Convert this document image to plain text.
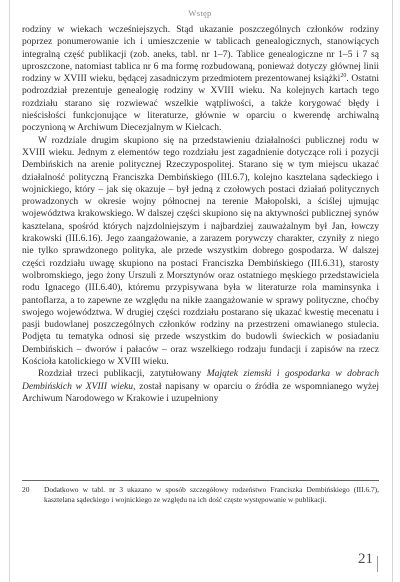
Wstęp

rodziny w wiekach wcześniejszych. Stąd ukazanie poszczególnych członków rodziny poprzez ponumerowanie ich i umieszczenie w tablicach genealogicznych, stanowiących integralną część publikacji (zob. aneks, tabl. nr 1–7). Tablice genealogiczne nr 1–5 i 7 są uproszczone, natomiast tablica nr 6 ma formę rozbudowaną, ponieważ dotyczy głównej linii rodziny w XVIII wieku, będącej zasadniczym przedmiotem prezentowanej książki$^{20}$. Ostatni podrozdział prezentuje genealogię rodziny w XVIII wieku. Na kolejnych kartach tego rozdziału starano się rozwiewać wszelkie wątpliwości, a także korygować błędy i nieścisłości funkcjonujące w literaturze, głównie w oparciu o kwerendę archiwalną poczynioną w Archiwum Diecezjalnym w Kielcach.

W rozdziale drugim skupiono się na przedstawieniu działalności publicznej rodu w XVIII wieku. Jednym z elementów tego rozdziału jest zagadnienie dotyczące roli i pozycji Dembińskich na arenie politycznej Rzeczypospolitej. Starano się w tym miejscu ukazać działalność polityczną Franciszka Dembińskiego (III.6.7), kolejno kasztelana sądeckiego i wojnickiego, który – jak się okazuje – był jedną z czołowych postaci działań politycznych prowadzonych w okresie wojny północnej na terenie Małopolski, a ściślej ujmując województwa krakowskiego. W dalszej części skupiono się na aktywności publicznej synów kasztelana, spośród których najzdolniejszym i najbardziej zauważalnym był Jan, łowczy krakowski (III.6.16). Jego zaangażowanie, a zarazem porywczy charakter, czyniły z niego nie tylko sprawdzonego polityka, ale przede wszystkim dobrego gospodarza. W dalszej części rozdziału uwagę skupiono na postaci Franciszka Dembińskiego (III.6.31), starosty wolbromskiego, jego żony Urszuli z Morsztynów oraz ostatniego męskiego przedstawiciela rodu Ignacego (III.6.40), któremu przypisywana była w literaturze rola maminsynka i pantoflarza, a to zapewne ze względu na nikłe zaangażowanie w sprawy polityczne, choćby swojego województwa. W drugiej części rozdziału postarano się ukazać kwestię mecenatu i pasji budowlanej poszczególnych członków rodziny na przestrzeni omawianego stulecia. Podjęta tu tematyka odnosi się przede wszystkim do budowli świeckich w posiadaniu Dembińskich – dworów i pałaców – oraz wszelkiego rodzaju fundacji i zapisów na rzecz Kościoła katolickiego w XVIII wieku.

Rozdział trzeci publikacji, zatytułowany Majątek ziemski i gospodarka w dobrach Dembińskich w XVIII wieku, został napisany w oparciu o źródła ze wspomnianego wyżej Archiwum Narodowego w Krakowie i uzupełniony

20	Dodatkowo w tabl. nr 3 ukazano w sposób szczegółowy rodzeństwo Franciszka Dembińskiego (III.6.7), kasztelana sądeckiego i wojnickiego ze względu na ich dość częste występowanie w publikacji.
21
